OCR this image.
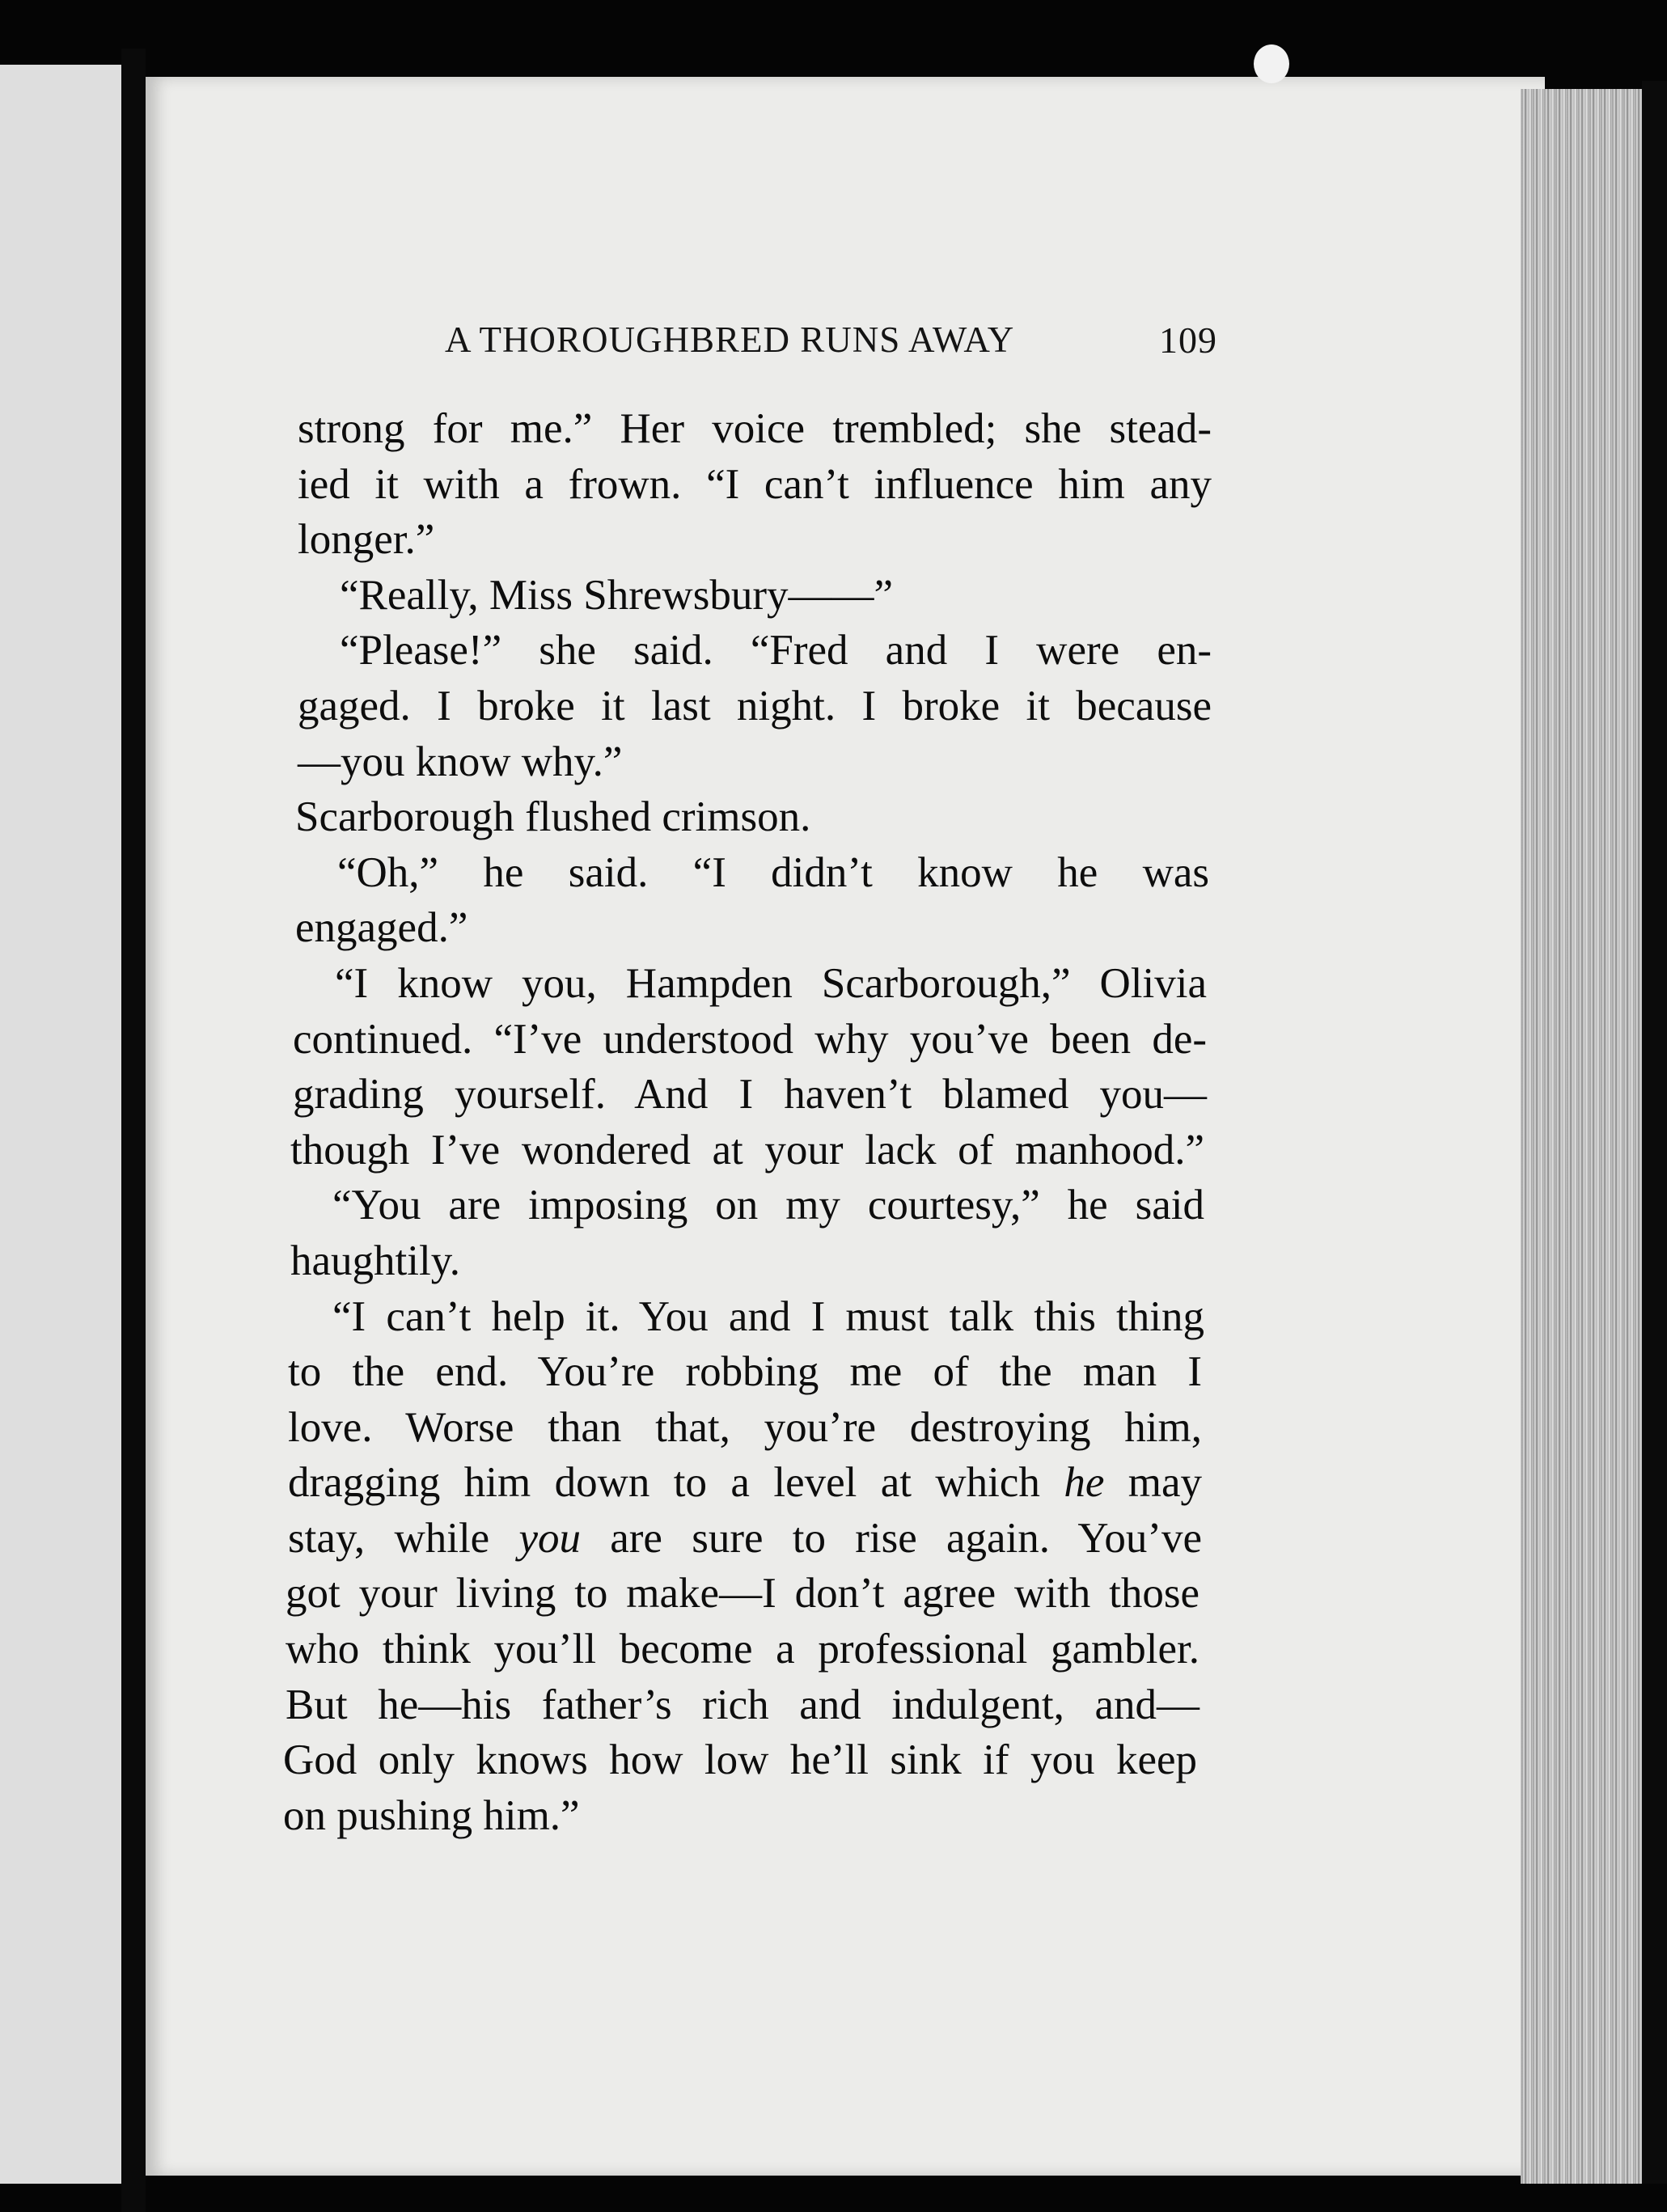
A THOROUGHBRED RUNS AWAY	109
strong for me.” Her voice trembled; she stead-
ied it with a frown. “I can’t influence him any
longer.”
“Really, Miss Shrewsbury——”
“Please!” she said. “Fred and I were en-
gaged. I broke it last night. I broke it because
—you know why.”
Scarborough flushed crimson.
“Oh,” he said. “I didn’t know he was
engaged.”
“I know you, Hampden Scarborough,” Olivia
continued. “I’ve understood why you’ve been de-
grading yourself. And I haven’t blamed you—
though I’ve wondered at your lack of manhood.”
“You are imposing on my courtesy,” he said
haughtily.
“I can’t help it. You and I must talk this thing
to the end. You’re robbing me of the man I
love. Worse than that, you’re destroying him,
dragging him down to a level at which he may
stay, while you are sure to rise again. You’ve
got your living to make—I don’t agree with those
who think you’ll become a professional gambler.
But he—his father’s rich and indulgent, and—
God only knows how low he’ll sink if you keep
on pushing him.”
